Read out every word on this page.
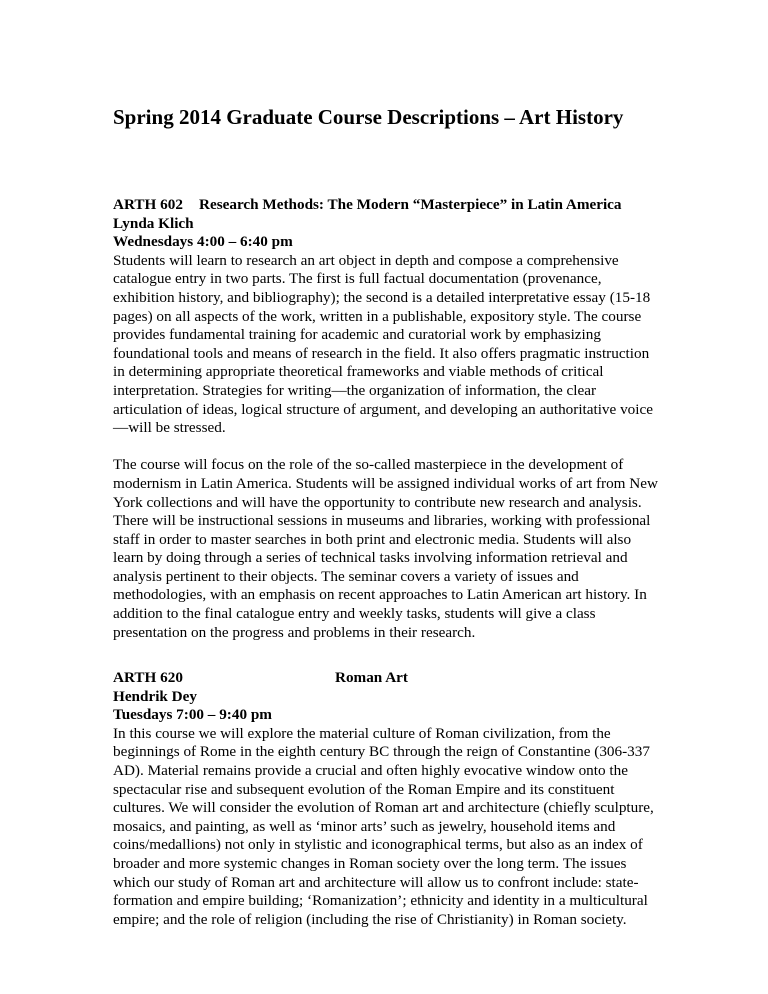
Spring 2014 Graduate Course Descriptions – Art History
ARTH 602 Research Methods: The Modern “Masterpiece” in Latin America
Lynda Klich
Wednesdays 4:00 – 6:40 pm

Students will learn to research an art object in depth and compose a comprehensive catalogue entry in two parts. The first is full factual documentation (provenance, exhibition history, and bibliography); the second is a detailed interpretative essay (15-18 pages) on all aspects of the work, written in a publishable, expository style. The course provides fundamental training for academic and curatorial work by emphasizing foundational tools and means of research in the field. It also offers pragmatic instruction in determining appropriate theoretical frameworks and viable methods of critical interpretation. Strategies for writing—the organization of information, the clear articulation of ideas, logical structure of argument, and developing an authoritative voice—will be stressed.

The course will focus on the role of the so-called masterpiece in the development of modernism in Latin America. Students will be assigned individual works of art from New York collections and will have the opportunity to contribute new research and analysis. There will be instructional sessions in museums and libraries, working with professional staff in order to master searches in both print and electronic media. Students will also learn by doing through a series of technical tasks involving information retrieval and analysis pertinent to their objects. The seminar covers a variety of issues and methodologies, with an emphasis on recent approaches to Latin American art history. In addition to the final catalogue entry and weekly tasks, students will give a class presentation on the progress and problems in their research.

ARTH 620	Roman Art
Hendrik Dey
Tuesdays 7:00 – 9:40 pm

In this course we will explore the material culture of Roman civilization, from the beginnings of Rome in the eighth century BC through the reign of Constantine (306-337 AD). Material remains provide a crucial and often highly evocative window onto the spectacular rise and subsequent evolution of the Roman Empire and its constituent cultures. We will consider the evolution of Roman art and architecture (chiefly sculpture, mosaics, and painting, as well as ‘minor arts’ such as jewelry, household items and coins/medallions) not only in stylistic and iconographical terms, but also as an index of broader and more systemic changes in Roman society over the long term. The issues which our study of Roman art and architecture will allow us to confront include: state-formation and empire building; ‘Romanization’; ethnicity and identity in a multicultural empire; and the role of religion (including the rise of Christianity) in Roman society.
